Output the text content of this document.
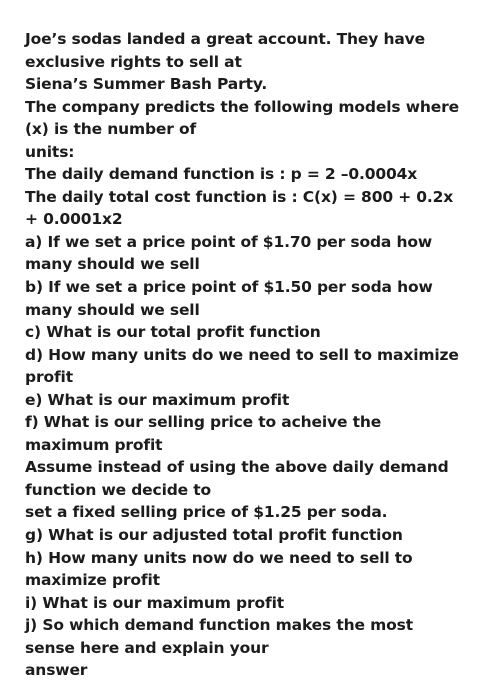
Joe’s sodas landed a great account. They have
exclusive rights to sell at
Siena’s Summer Bash Party.
The company predicts the following models where
(x) is the number of
units:
The daily demand function is : p = 2 –0.0004x
The daily total cost function is : C(x) = 800 + 0.2x
+ 0.0001x2
a) If we set a price point of $1.70 per soda how
many should we sell
b) If we set a price point of $1.50 per soda how
many should we sell
c) What is our total profit function
d) How many units do we need to sell to maximize
profit
e) What is our maximum profit
f) What is our selling price to acheive the
maximum profit
Assume instead of using the above daily demand
function we decide to
set a fixed selling price of $1.25 per soda.
g) What is our adjusted total profit function
h) How many units now do we need to sell to
maximize profit
i) What is our maximum profit
j) So which demand function makes the most
sense here and explain your
answer
